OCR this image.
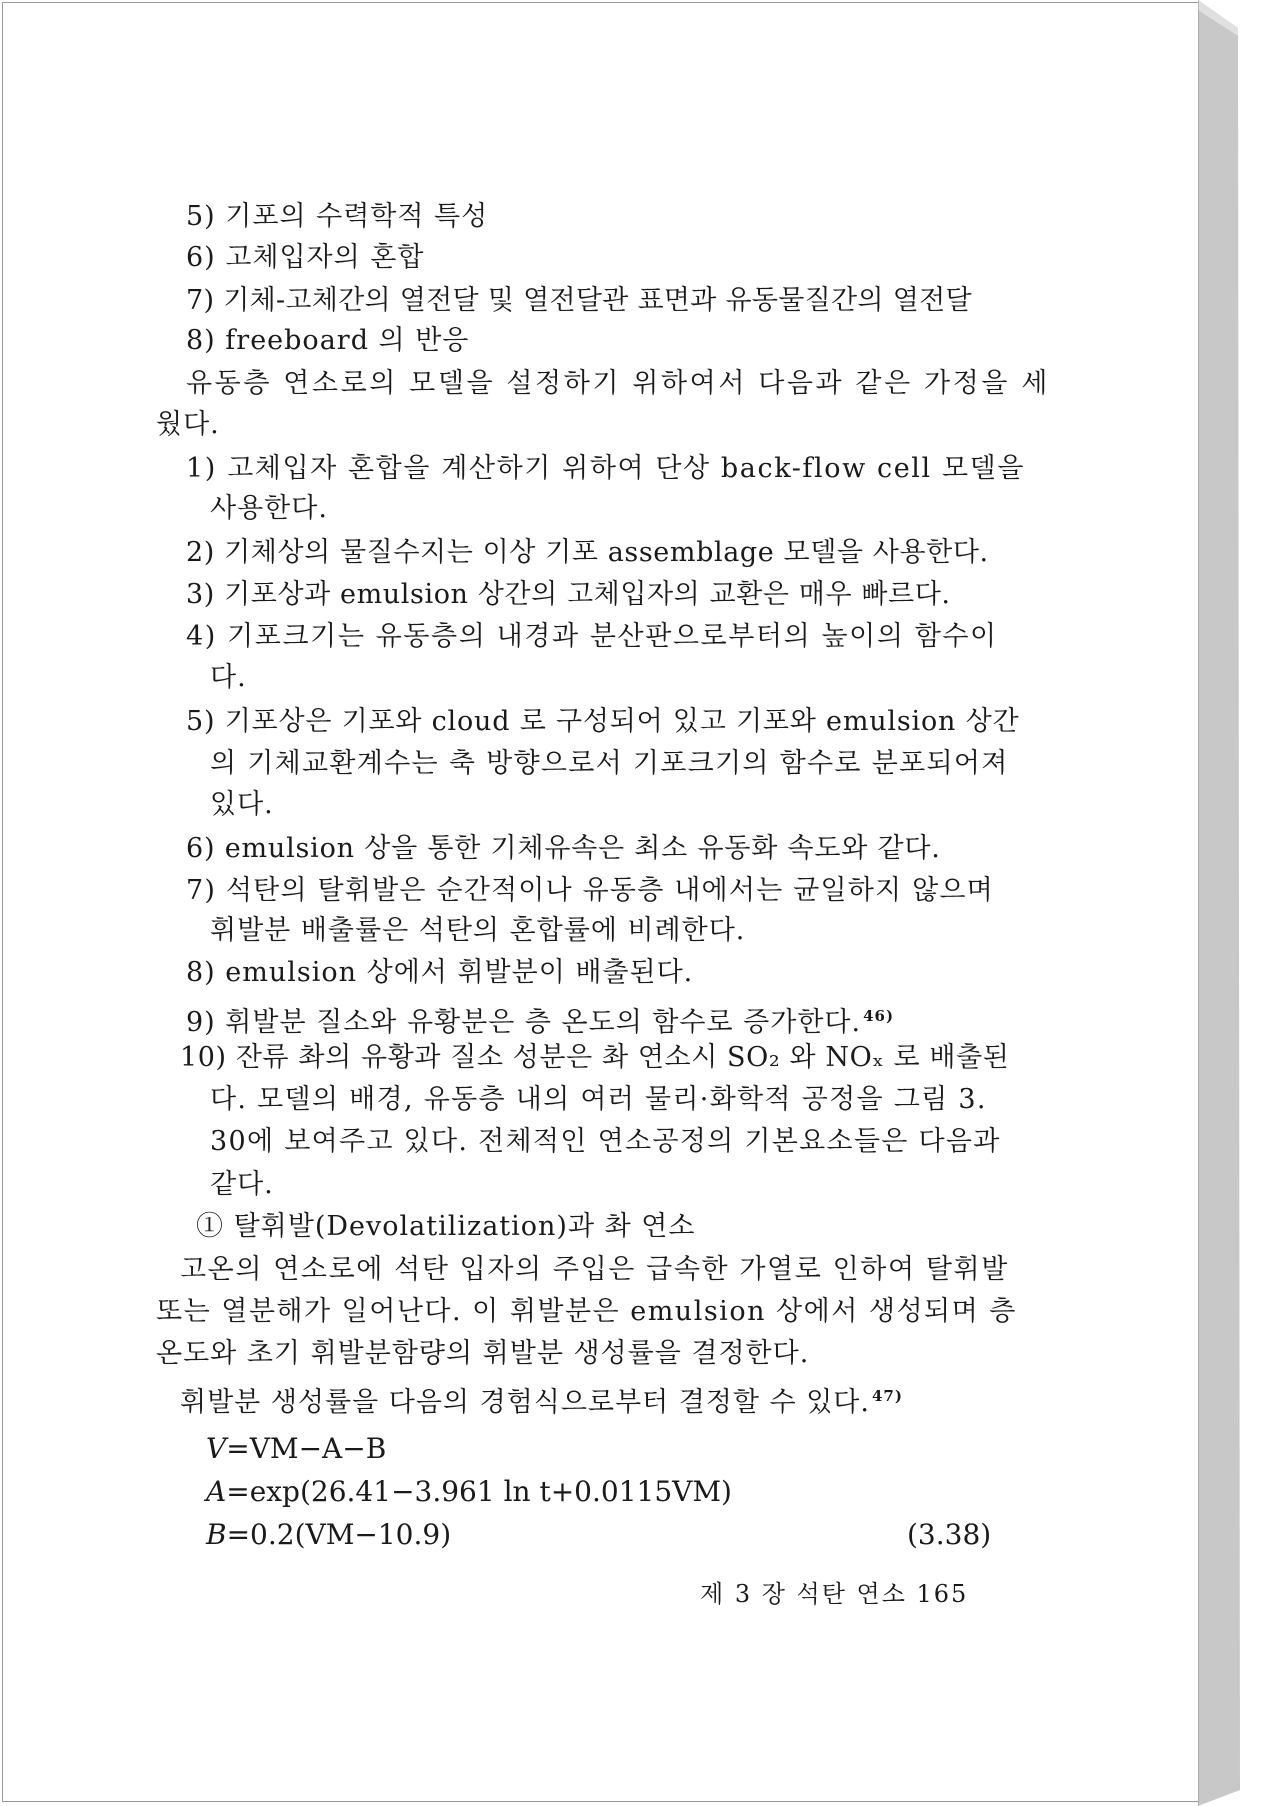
5) 기포의 수력학적 특성
6) 고체입자의 혼합
7) 기체-고체간의 열전달 및 열전달관 표면과 유동물질간의 열전달
8) freeboard 의 반응
유동층 연소로의 모델을 설정하기 위하여서 다음과 같은 가정을 세
웠다.
1) 고체입자 혼합을 계산하기 위하여 단상 back-flow cell 모델을
사용한다.
2) 기체상의 물질수지는 이상 기포 assemblage 모델을 사용한다.
3) 기포상과 emulsion 상간의 고체입자의 교환은 매우 빠르다.
4) 기포크기는 유동층의 내경과 분산판으로부터의 높이의 함수이
다.
5) 기포상은 기포와 cloud 로 구성되어 있고 기포와 emulsion 상간
의 기체교환계수는 축 방향으로서 기포크기의 함수로 분포되어져
있다.
6) emulsion 상을 통한 기체유속은 최소 유동화 속도와 같다.
7) 석탄의 탈휘발은 순간적이나 유동층 내에서는 균일하지 않으며
휘발분 배출률은 석탄의 혼합률에 비례한다.
8) emulsion 상에서 휘발분이 배출된다.
9) 휘발분 질소와 유황분은 층 온도의 함수로 증가한다. $^{46)}$
10) 잔류 촤의 유황과 질소 성분은 촤 연소시 SO₂ 와 NOₓ 로 배출된
다. 모델의 배경, 유동층 내의 여러 물리·화학적 공정을 그림 3.
30에 보여주고 있다. 전체적인 연소공정의 기본요소들은 다음과
같다.
① 탈휘발(Devolatilization)과 촤 연소
고온의 연소로에 석탄 입자의 주입은 급속한 가열로 인하여 탈휘발
또는 열분해가 일어난다. 이 휘발분은 emulsion 상에서 생성되며 층
온도와 초기 휘발분함량의 휘발분 생성률을 결정한다.
휘발분 생성률을 다음의 경험식으로부터 결정할 수 있다. $^{47)}$
V=VM−A−B
A=exp(26.41−3.961 ln t+0.0115VM)
B=0.2(VM−10.9)	(3.38)
제 3 장 석탄 연소 165
